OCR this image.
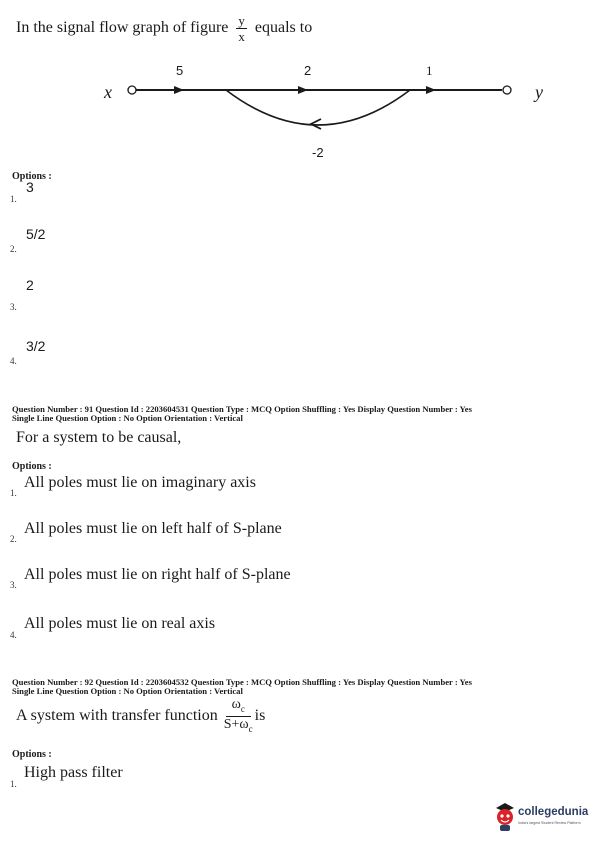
In the signal flow graph of figure $\frac{y}{x}$ equals to
x	y
5	2	1
-2
Options :
1.
3
2.
5/2
3.
2
4.
3/2
Question Number : 91 Question Id : 2203604531 Question Type : MCQ Option Shuffling : Yes Display Question Number : Yes
Single Line Question Option : No Option Orientation : Vertical
For a system to be causal,
Options :
1.
All poles must lie on imaginary axis
2.
All poles must lie on left half of S-plane
3.
All poles must lie on right half of S-plane
4.
All poles must lie on real axis
Question Number : 92 Question Id : 2203604532 Question Type : MCQ Option Shuffling : Yes Display Question Number : Yes
Single Line Question Option : No Option Orientation : Vertical
A system with transfer function $\frac{\omega_c}{S+\omega_c}$ is
Options :
1.
High pass filter
collegedunia
India's largest Student Review Platform
